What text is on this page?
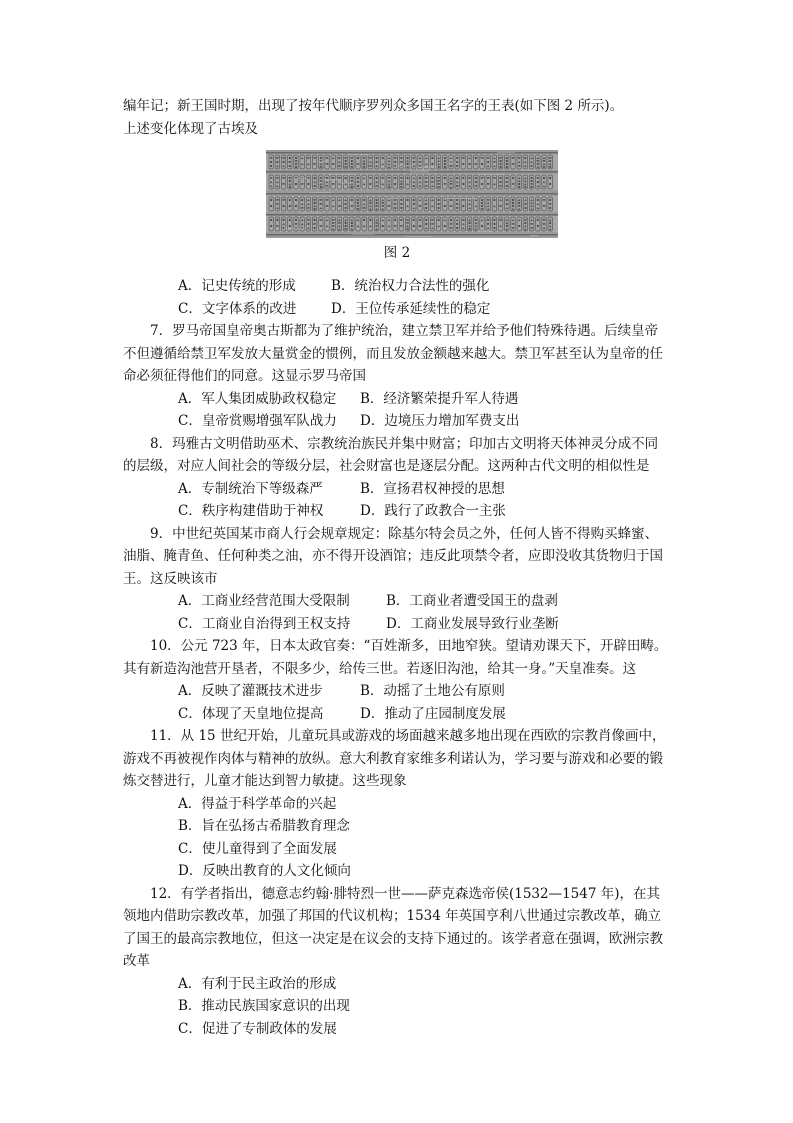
编年记；新王国时期，出现了按年代顺序罗列众多国王名字的王表(如下图 2 所示)。

上述变化体现了古埃及

图 2
A．记史传统的形成	B．统治权力合法性的强化
C．文字体系的改进	D．王位传承延续性的稳定

7．罗马帝国皇帝奥古斯都为了维护统治，建立禁卫军并给予他们特殊待遇。后续皇帝不但遵循给禁卫军发放大量赏金的惯例，而且发放金额越来越大。禁卫军甚至认为皇帝的任命必须征得他们的同意。这显示罗马帝国

A．军人集团威胁政权稳定 B．经济繁荣提升军人待遇
C．皇帝赏赐增强军队战力 D．边境压力增加军费支出

8．玛雅古文明借助巫术、宗教统治族民并集中财富；印加古文明将天体神灵分成不同的层级，对应人间社会的等级分层，社会财富也是逐层分配。这两种古代文明的相似性是

A．专制统治下等级森严	B．宣扬君权神授的思想
C．秩序构建借助于神权	D．践行了政教合一主张

9．中世纪英国某市商人行会规章规定：除基尔特会员之外，任何人皆不得购买蜂蜜、油脂、腌青鱼、任何种类之油，亦不得开设酒馆；违反此项禁令者，应即没收其货物归于国王。这反映该市

A．工商业经营范围大受限制	B．工商业者遭受国王的盘剥
C．工商业自治得到王权支持	D．工商业发展导致行业垄断

10．公元 723 年，日本太政官奏：“百姓渐多，田地窄狭。望请劝课天下，开辟田畴。其有新造沟池营开垦者，不限多少，给传三世。若逐旧沟池，给其一身。”天皇准奏。这

A．反映了灌溉技术进步	B．动摇了土地公有原则
C．体现了天皇地位提高	D．推动了庄园制度发展

11．从 15 世纪开始，儿童玩具或游戏的场面越来越多地出现在西欧的宗教肖像画中，游戏不再被视作肉体与精神的放纵。意大利教育家维多利诺认为，学习要与游戏和必要的锻炼交替进行，儿童才能达到智力敏捷。这些现象

A．得益于科学革命的兴起
B．旨在弘扬古希腊教育理念
C．使儿童得到了全面发展
D．反映出教育的人文化倾向

12．有学者指出，德意志约翰·腓特烈一世——萨克森选帝侯(1532—1547 年)，在其领地内借助宗教改革，加强了邦国的代议机构；1534 年英国亨利八世通过宗教改革，确立了国王的最高宗教地位，但这一决定是在议会的支持下通过的。该学者意在强调，欧洲宗教改革

A．有利于民主政治的形成
B．推动民族国家意识的出现
C．促进了专制政体的发展
